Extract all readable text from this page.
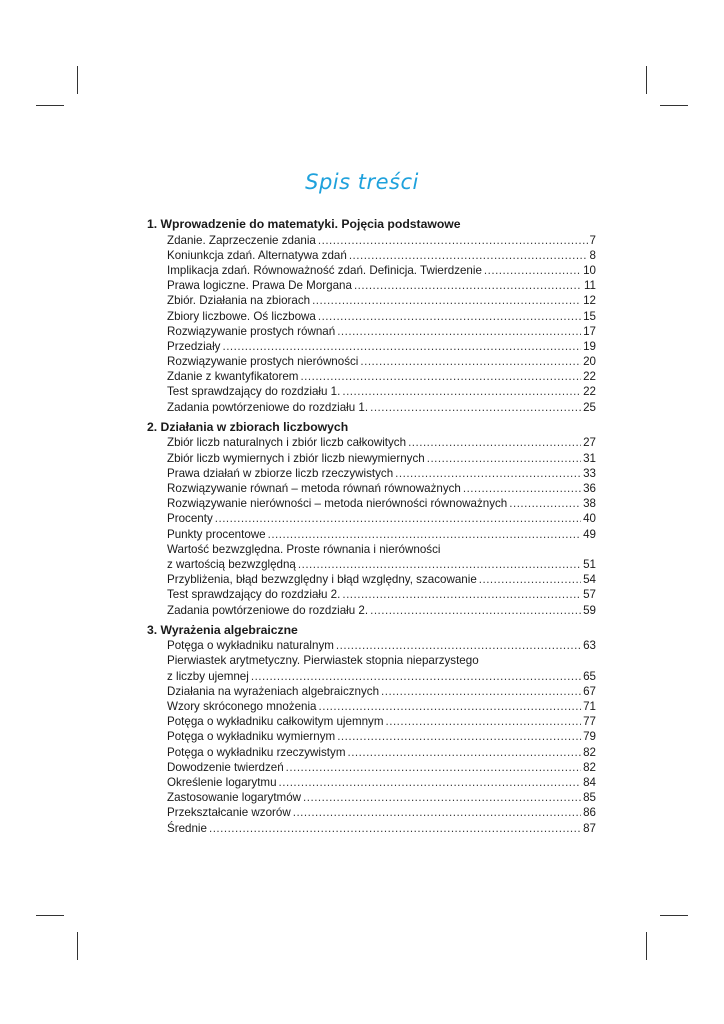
Spis treści
1. Wprowadzenie do matematyki. Pojęcia podstawowe
Zdanie. Zaprzeczenie zdania .....	7
Koniunkcja zdań. Alternatywa zdań .....	8
Implikacja zdań. Równoważność zdań. Definicja. Twierdzenie .....	10
Prawa logiczne. Prawa De Morgana .....	11
Zbiór. Działania na zbiorach .....	12
Zbiory liczbowe. Oś liczbowa .....	15
Rozwiązywanie prostych równań .....	17
Przedziały .....	19
Rozwiązywanie prostych nierówności .....	20
Zdanie z kwantyfikatorem .....	22
Test sprawdzający do rozdziału 1. .....	22
Zadania powtórzeniowe do rozdziału 1. .....	25
2. Działania w zbiorach liczbowych
Zbiór liczb naturalnych i zbiór liczb całkowitych .....	27
Zbiór liczb wymiernych i zbiór liczb niewymiernych .....	31
Prawa działań w zbiorze liczb rzeczywistych .....	33
Rozwiązywanie równań – metoda równań równoważnych .....	36
Rozwiązywanie nierówności – metoda nierówności równoważnych .....	38
Procenty .....	40
Punkty procentowe .....	49
Wartość bezwzględna. Proste równania i nierówności
z wartością bezwzględną .....	51
Przybliżenia, błąd bezwzględny i błąd względny, szacowanie .....	54
Test sprawdzający do rozdziału 2. .....	57
Zadania powtórzeniowe do rozdziału 2. .....	59
3. Wyrażenia algebraiczne
Potęga o wykładniku naturalnym .....	63
Pierwiastek arytmetyczny. Pierwiastek stopnia nieparzystego
z liczby ujemnej .....	65
Działania na wyrażeniach algebraicznych .....	67
Wzory skróconego mnożenia .....	71
Potęga o wykładniku całkowitym ujemnym .....	77
Potęga o wykładniku wymiernym .....	79
Potęga o wykładniku rzeczywistym .....	82
Dowodzenie twierdzeń .....	82
Określenie logarytmu .....	84
Zastosowanie logarytmów .....	85
Przekształcanie wzorów .....	86
Średnie .....	87
